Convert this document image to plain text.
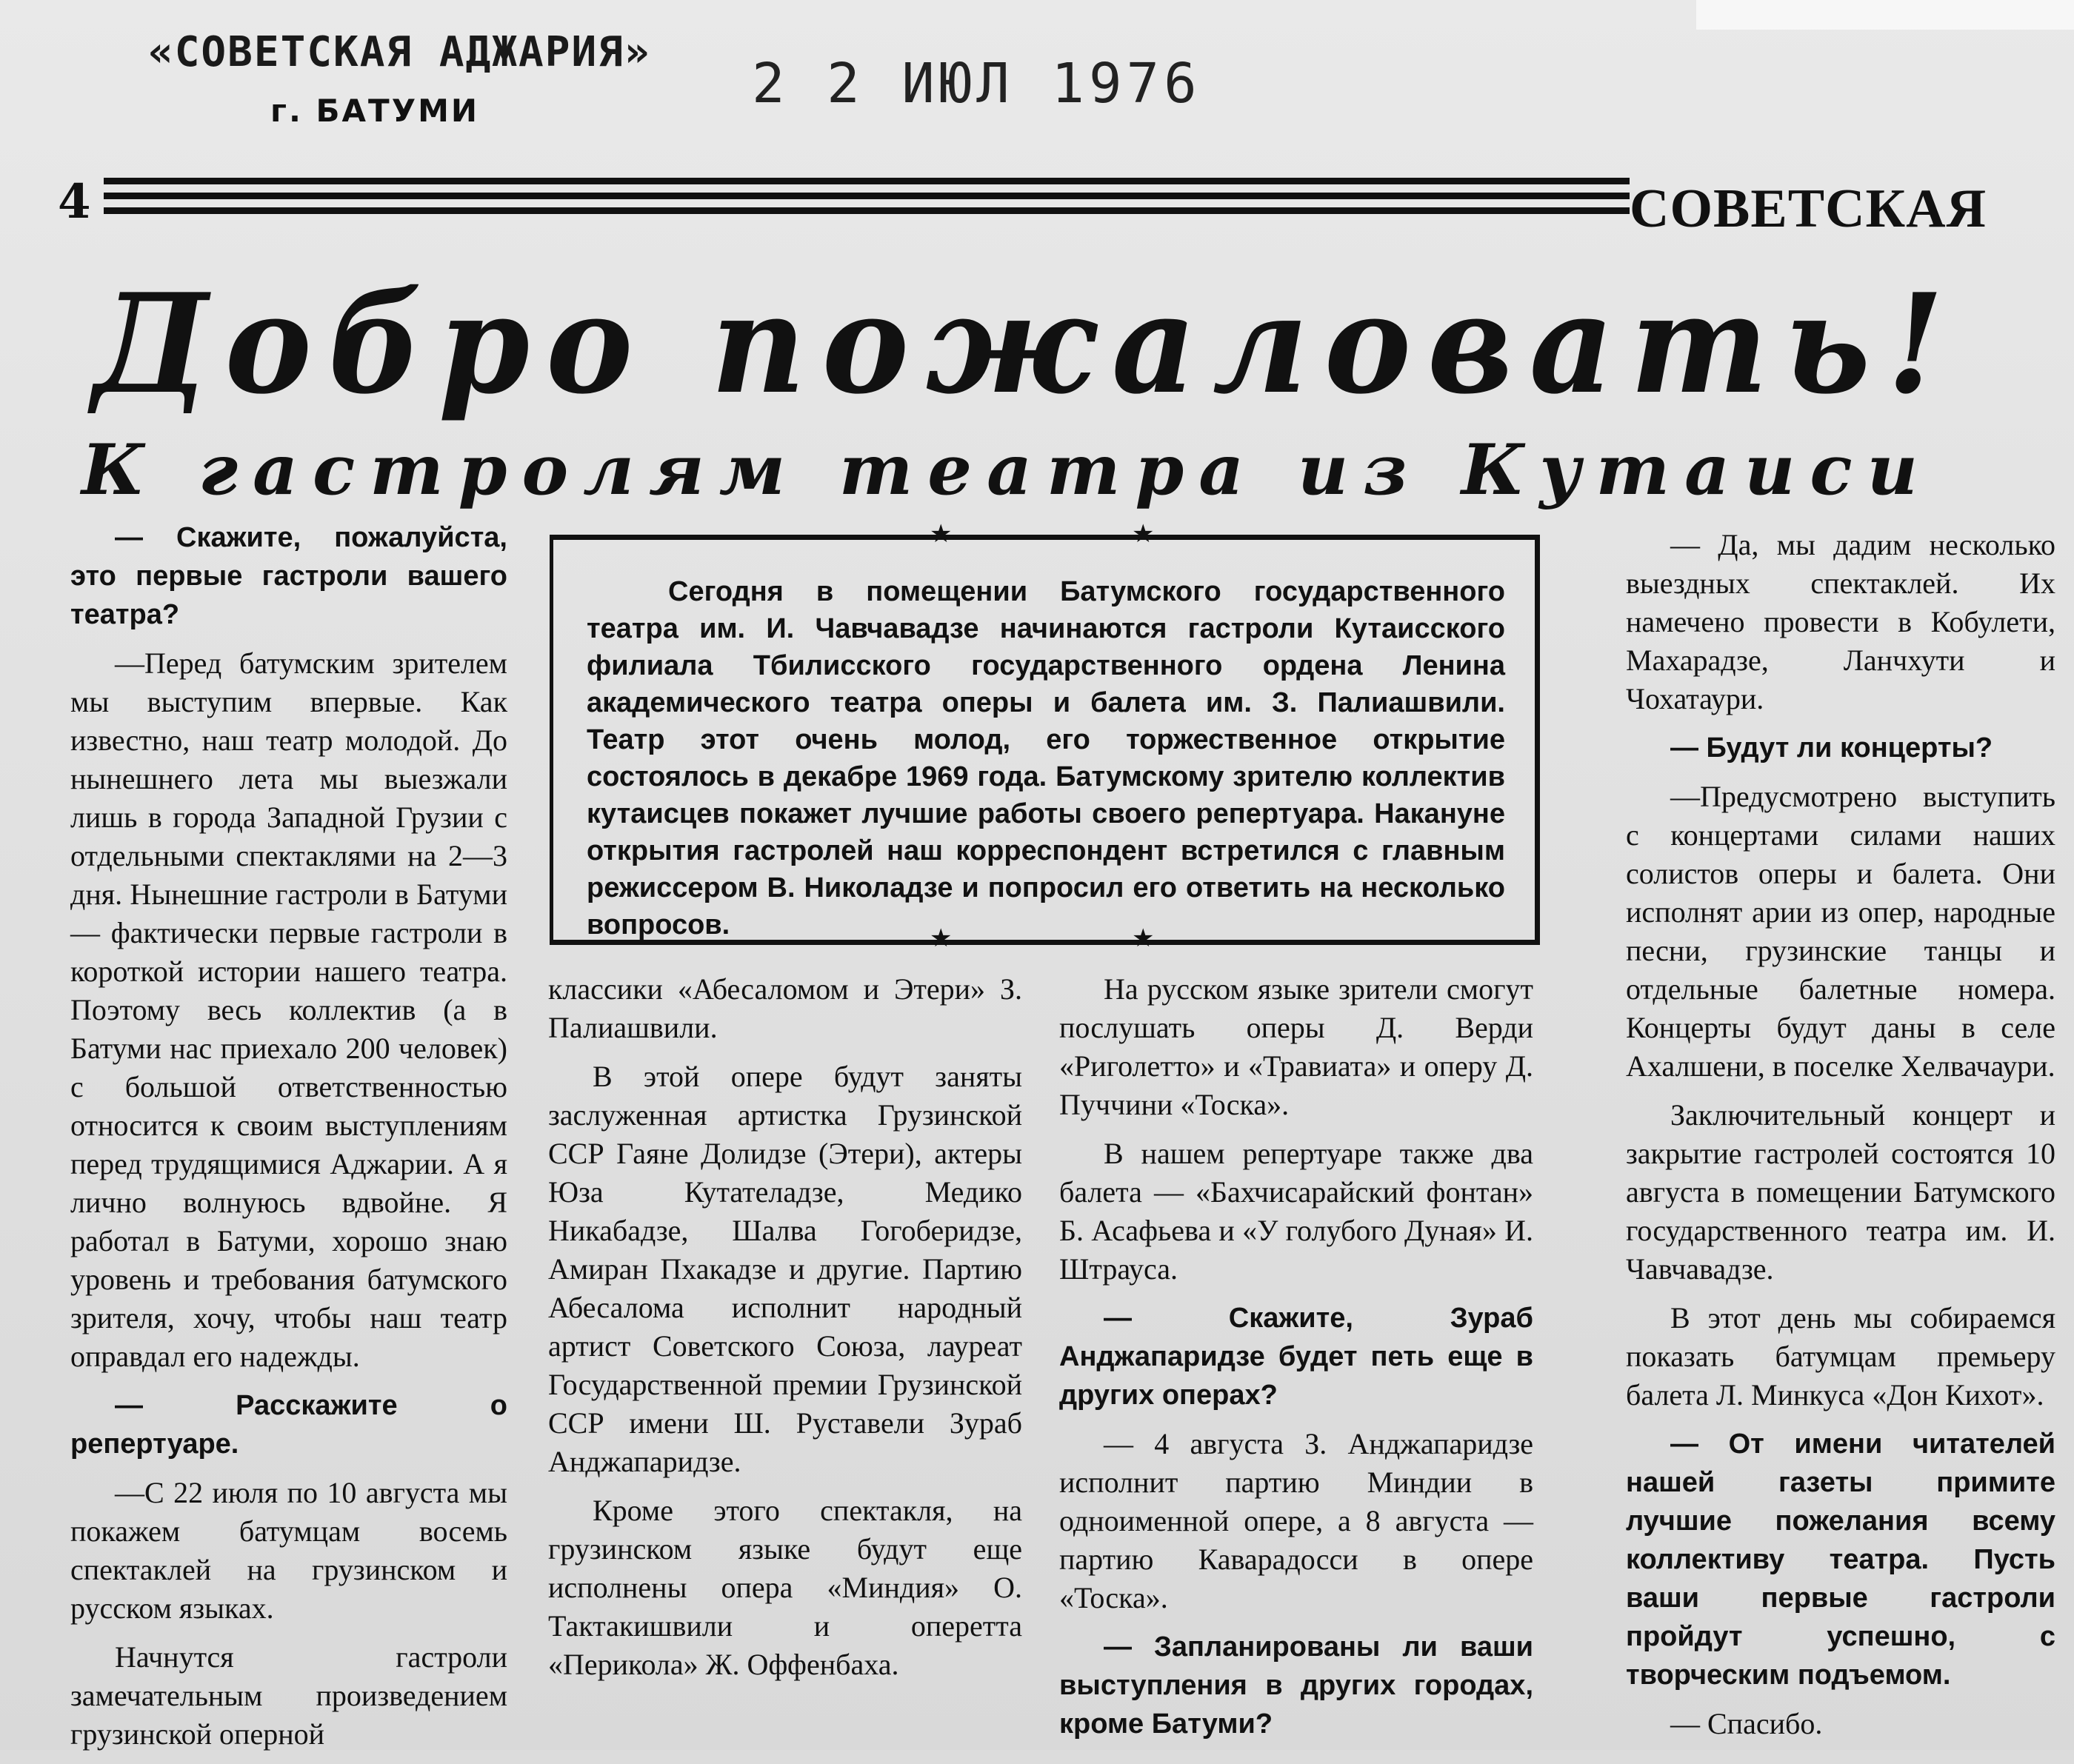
«СОВЕТСКАЯ АДЖАРИЯ»
г. БАТУМИ	2 2 ИЮЛ 1976
4	СОВЕТСКАЯ
Добро пожаловать!
К гастролям театра из Кутаиси

— Скажите, пожалуйста, это первые гастроли вашего театра?

—Перед батумским зрителем мы выступим впервые. Как известно, наш театр молодой. До нынешнего лета мы выезжали лишь в города Западной Грузии с отдельными спектаклями на 2—3 дня. Нынешние гастроли в Батуми — фактически первые гастроли в короткой истории нашего театра. Поэтому весь коллектив (а в Батуми нас приехало 200 человек) с большой ответственностью относится к своим выступлениям перед трудящимися Аджарии. А я лично волнуюсь вдвойне. Я работал в Батуми, хорошо знаю уровень и требования батумского зрителя, хочу, чтобы наш театр оправдал его надежды.

— Расскажите о репертуаре.

—С 22 июля по 10 августа мы покажем батумцам восемь спектаклей на грузинском и русском языках.

Начнутся гастроли замечательным произведением грузинской оперной

Сегодня в помещении Батумского государственного театра им. И. Чавчавадзе начинаются гастроли Кутаисского филиала Тбилисского государственного ордена Ленина академического театра оперы и балета им. З. Палиашвили. Театр этот очень молод, его торжественное открытие состоялось в декабре 1969 года. Батумскому зрителю коллектив кутаисцев покажет лучшие работы своего репертуара. Накануне открытия гастролей наш корреспондент встретился с главным режиссером В. Николадзе и попросил его ответить на несколько вопросов.
★	★
★	★

классики «Абесаломом и Этери» З. Палиашвили.

В этой опере будут заняты заслуженная артистка Грузинской ССР Гаяне Долидзе (Этери), актеры Юза Кутателадзе, Медико Никабадзе, Шалва Гогоберидзе, Амиран Пхакадзе и другие. Партию Абесалома исполнит народный артист Советского Союза, лауреат Государственной премии Грузинской ССР имени Ш. Руставели Зураб Анджапаридзе.

Кроме этого спектакля, на грузинском языке будут еще исполнены опера «Миндия» О. Тактакишвили и оперетта «Перикола» Ж. Оффенбаха.

На русском языке зрители смогут послушать оперы Д. Верди «Риголетто» и «Травиата» и оперу Д. Пуччини «Тоска».

В нашем репертуаре также два балета — «Бахчисарайский фонтан» Б. Асафьева и «У голубого Дуная» И. Штрауса.

— Скажите, Зураб Анджапаридзе будет петь еще в других операх?

— 4 августа З. Анджапаридзе исполнит партию Миндии в одноименной опере, а 8 августа — партию Каварадосси в опере «Тоска».

— Запланированы ли ваши выступления в других городах, кроме Батуми?

— Да, мы дадим несколько выездных спектаклей. Их намечено провести в Кобулети, Махарадзе, Ланчхути и Чохатаури.

— Будут ли концерты?

—Предусмотрено выступить с концертами силами наших солистов оперы и балета. Они исполнят арии из опер, народные песни, грузинские танцы и отдельные балетные номера. Концерты будут даны в селе Ахалшени, в поселке Хелвачаури.

Заключительный концерт и закрытие гастролей состоятся 10 августа в помещении Батумского государственного театра им. И. Чавчавадзе.

В этот день мы собираемся показать батумцам премьеру балета Л. Минкуса «Дон Кихот».

— От имени читателей нашей газеты примите лучшие пожелания всему коллективу театра. Пусть ваши первые гастроли пройдут успешно, с творческим подъемом.

— Спасибо.
